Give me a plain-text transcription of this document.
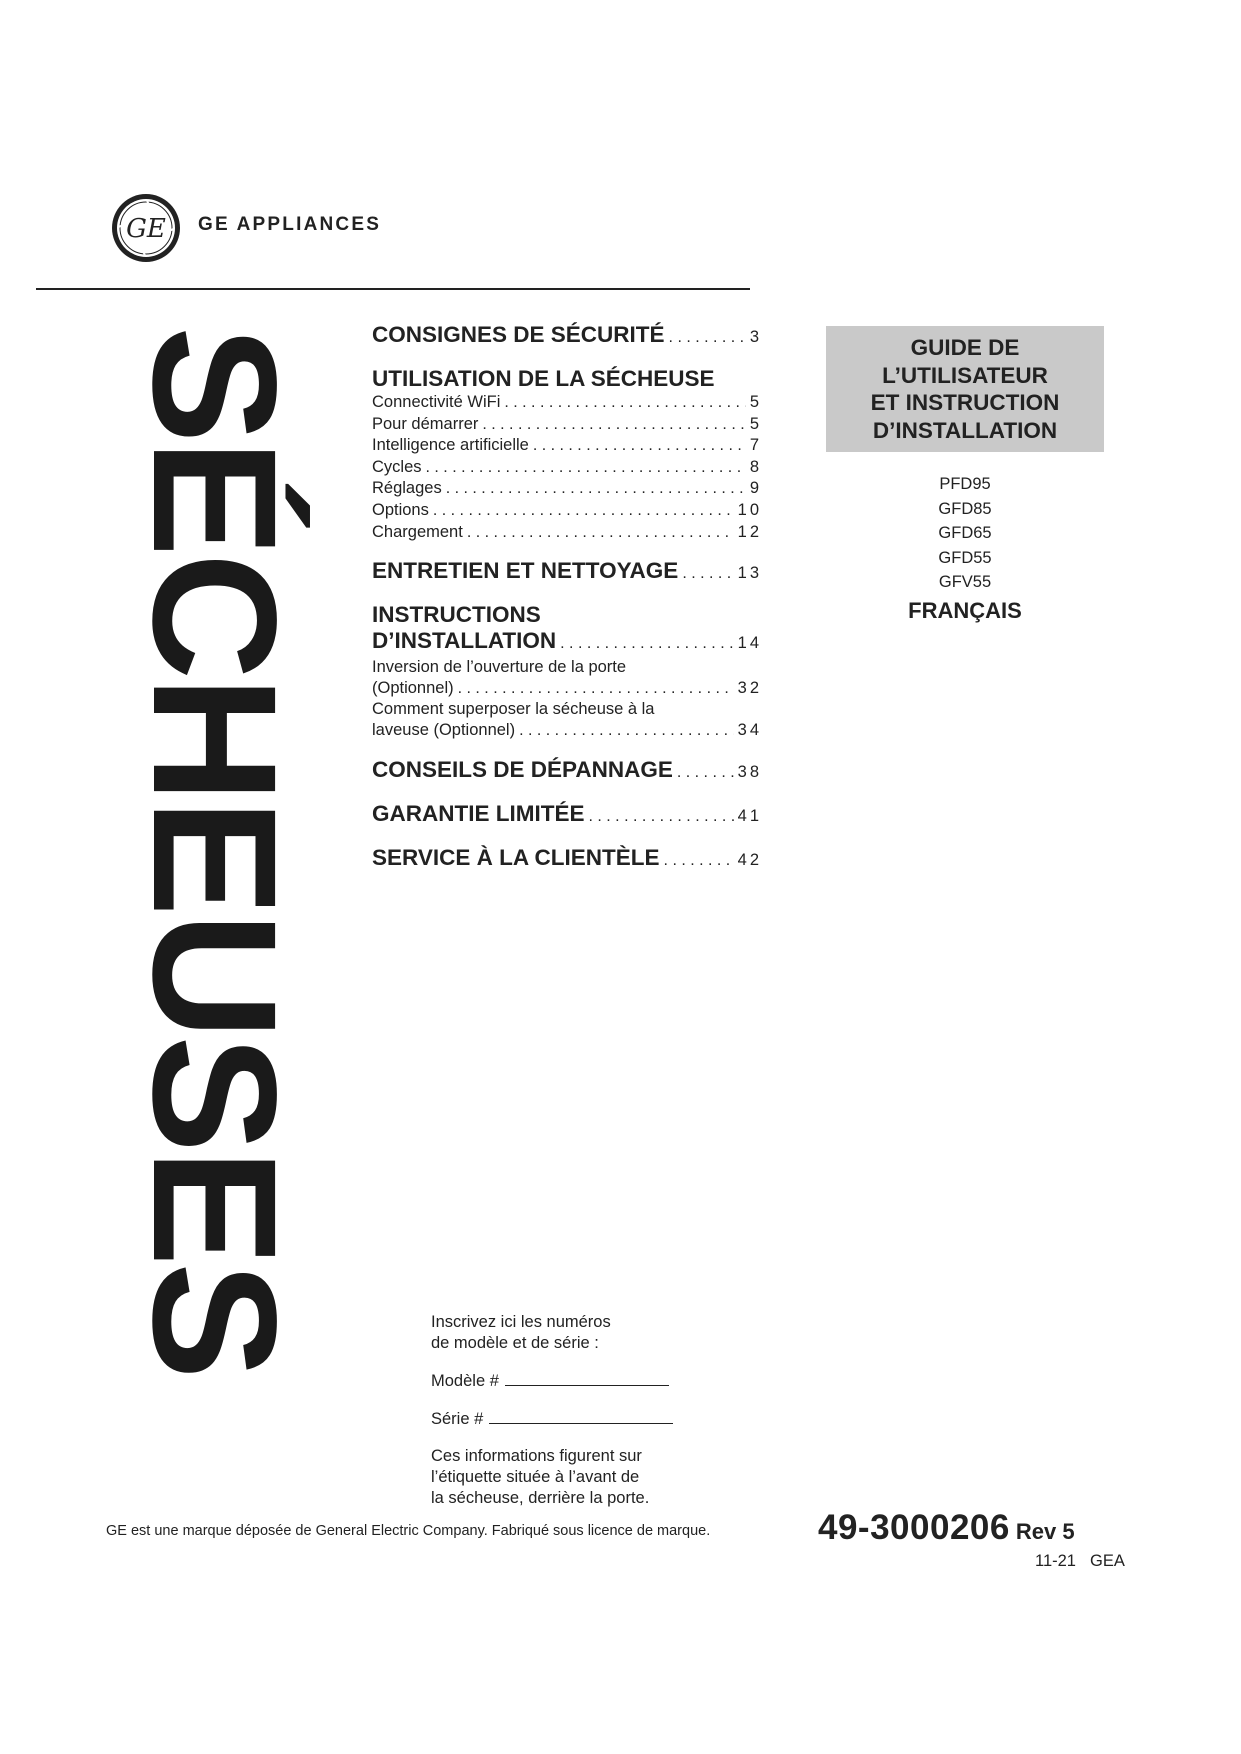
GE GE APPLIANCES
SÉCHEUSES	CONSIGNES DE SÉCURITÉ . . .	3
UTILISATION DE LA SÉCHEUSE
Connectivité WiFi . . .	5
Pour démarrer . . .	5
Intelligence artificielle . . .	7
Cycles . . .	8
Réglages . . .	9
Options . . .	10
Chargement . . .	12
ENTRETIEN ET NETTOYAGE . . .	13
INSTRUCTIONS
D’INSTALLATION . . .	14
Inversion de l’ouverture de la porte
(Optionnel) . . .	32
Comment superposer la sécheuse à la
laveuse (Optionnel) . . .	34
CONSEILS DE DÉPANNAGE . . .	38
GARANTIE LIMITÉE . . .	41
SERVICE À LA CLIENTÈLE . . .	42
GUIDE DE
L’UTILISATEUR
ET INSTRUCTION
D’INSTALLATION
PFD95
GFD85
GFD65
GFD55
GFV55
FRANÇAIS
Inscrivez ici les numéros
de modèle et de série :
Modèle #
Série #
Ces informations figurent sur
l’étiquette située à l’avant de
la sécheuse, derrière la porte.
GE est une marque déposée de General Electric Company. Fabriqué sous licence de marque.	49-3000206 Rev 5
11-21 GEA
